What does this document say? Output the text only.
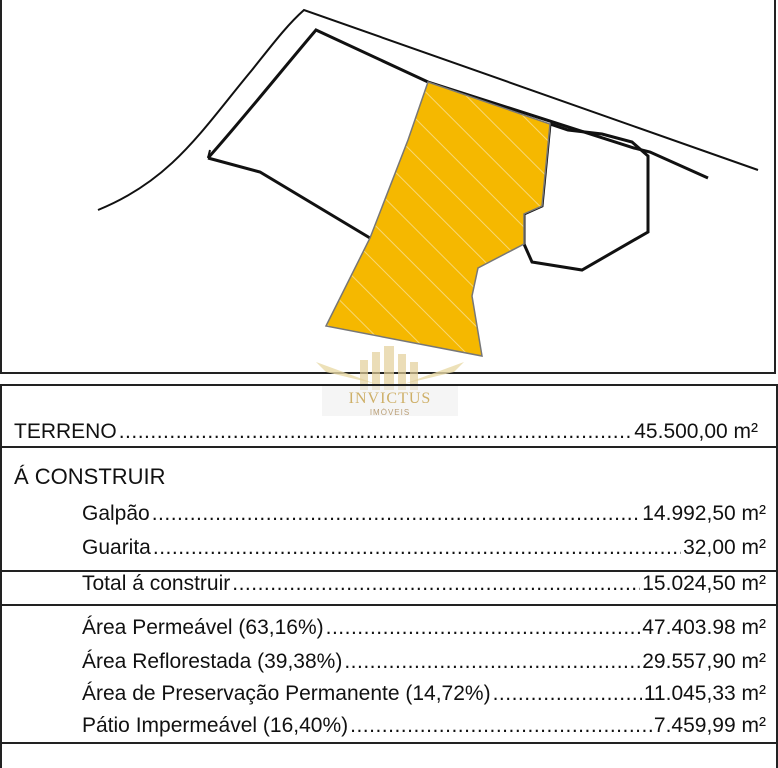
INVICTUS
IMÓVEIS
TERRENO .....	45.500,00 m²
Á CONSTRUIR
Galpão .....	14.992,50 m²
Guarita .....	32,00 m²
Total á construir .....	15.024,50 m²
Área Permeável (63,16%) .....	47.403.98 m²
Área Reflorestada (39,38%) .....	29.557,90 m²
Área de Preservação Permanente (14,72%) .....	11.045,33 m²
Pátio Impermeável (16,40%) .....	7.459,99 m²
